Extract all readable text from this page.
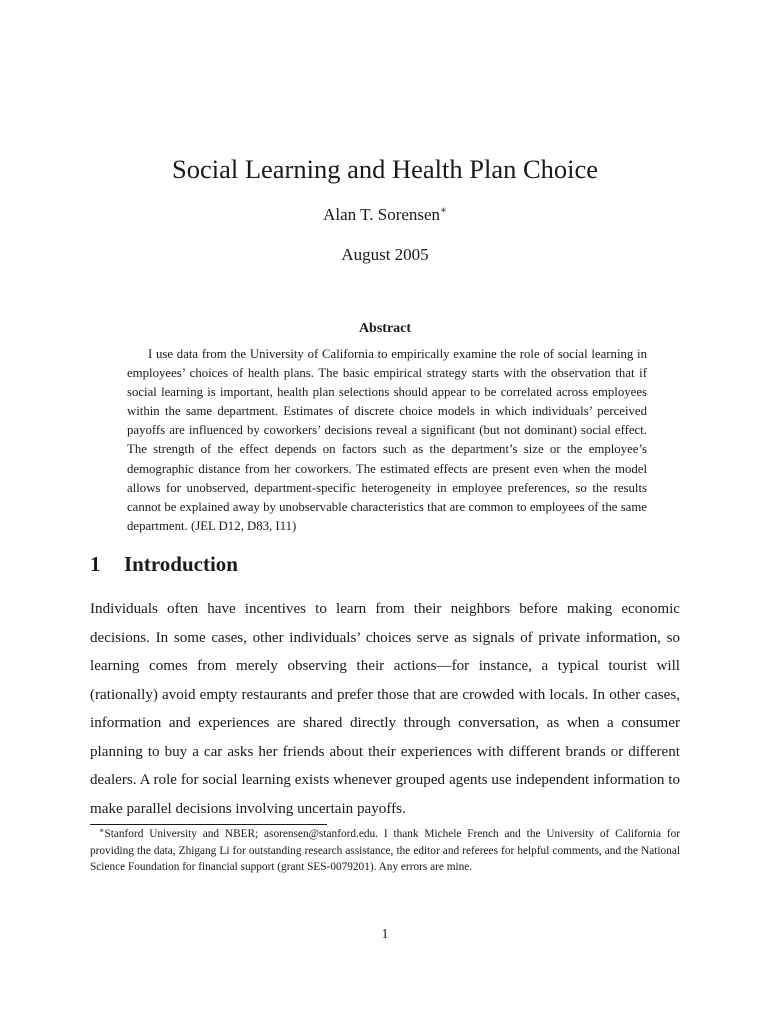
Social Learning and Health Plan Choice
Alan T. Sorensen∗
August 2005
Abstract

I use data from the University of California to empirically examine the role of social learning in employees’ choices of health plans. The basic empirical strategy starts with the observation that if social learning is important, health plan selections should appear to be correlated across employees within the same department. Estimates of discrete choice models in which individuals’ perceived payoffs are influenced by coworkers’ decisions reveal a significant (but not dominant) social effect. The strength of the effect depends on factors such as the department’s size or the employee’s demographic distance from her coworkers. The estimated effects are present even when the model allows for unobserved, department-specific heterogeneity in employee preferences, so the results cannot be explained away by unobservable characteristics that are common to employees of the same department. (JEL D12, D83, I11)

1 Introduction

Individuals often have incentives to learn from their neighbors before making economic decisions. In some cases, other individuals’ choices serve as signals of private information, so learning comes from merely observing their actions—for instance, a typical tourist will (rationally) avoid empty restaurants and prefer those that are crowded with locals. In other cases, information and experiences are shared directly through conversation, as when a consumer planning to buy a car asks her friends about their experiences with different brands or different dealers. A role for social learning exists whenever grouped agents use independent information to make parallel decisions involving uncertain payoffs.

∗Stanford University and NBER; asorensen@stanford.edu. I thank Michele French and the University of California for providing the data, Zhigang Li for outstanding research assistance, the editor and referees for helpful comments, and the National Science Foundation for financial support (grant SES-0079201). Any errors are mine.

1
